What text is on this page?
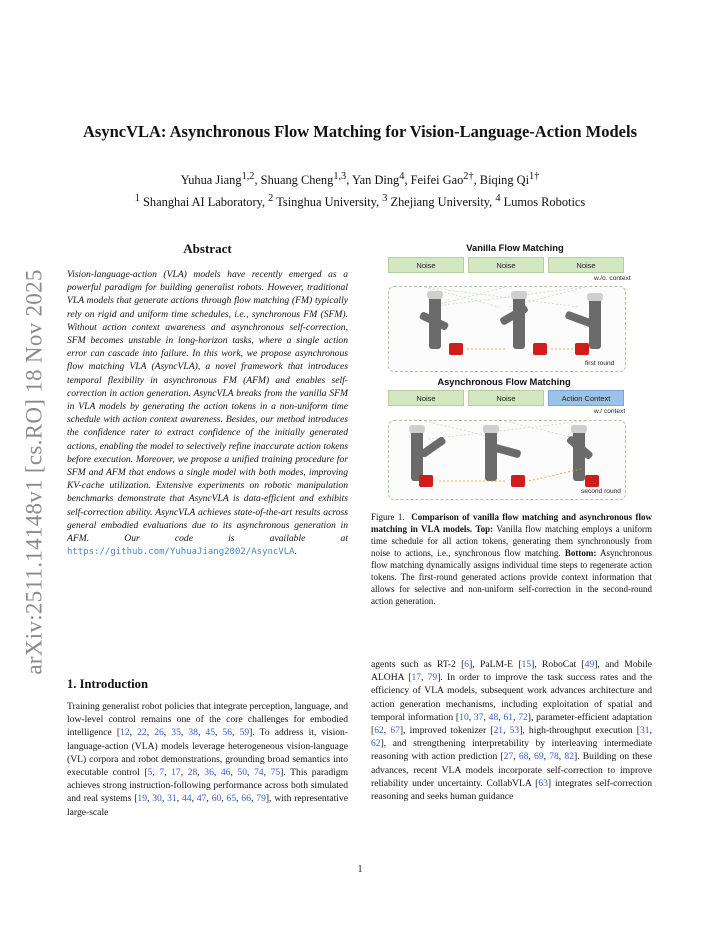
arXiv:2511.14148v1 [cs.RO] 18 Nov 2025
AsyncVLA: Asynchronous Flow Matching for Vision-Language-Action Models
Yuhua Jiang$^{1,2}$, Shuang Cheng$^{1,3}$, Yan Ding$^4$, Feifei Gao$^{2\dagger}$, Biqing $Qi^{1\dagger}$
$^1$ Shanghai AI Laboratory, $^2$ Tsinghua University, $^3$ Zhejiang University, $^4$ Lumos Robotics
Abstract
Vision-language-action (VLA) models have recently emerged as a powerful paradigm for building generalist robots. However, traditional VLA models that generate actions through flow matching (FM) typically rely on rigid and uniform time schedules, i.e., synchronous FM (SFM). Without action context awareness and asynchronous self-correction, SFM becomes unstable in long-horizon tasks, where a single action error can cascade into failure. In this work, we propose asynchronous flow matching VLA (AsyncVLA), a novel framework that introduces temporal flexibility in asynchronous FM (AFM) and enables self-correction in action generation. AsyncVLA breaks from the vanilla SFM in VLA models by generating the action tokens in a non-uniform time schedule with action context awareness. Besides, our method introduces the confidence rater to extract confidence of the initially generated actions, enabling the model to selectively refine inaccurate action tokens before execution. Moreover, we propose a unified training procedure for SFM and AFM that endows a single model with both modes, improving KV-cache utilization. Extensive experiments on robotic manipulation benchmarks demonstrate that AsyncVLA is data-efficient and exhibits self-correction ability. AsyncVLA achieves state-of-the-art results across general embodied evaluations due to its asynchronous generation in AFM. Our code is available at https://github.com/YuhuaJiang2002/AsyncVLA.
1. Introduction
Training generalist robot policies that integrate perception, language, and low-level control remains one of the core challenges for embodied intelligence [12, 22, 26, 35, 38, 45, 56, 59]. To address it, vision-language-action (VLA) models leverage heterogeneous vision-language (VL) corpora and robot demonstrations, grounding broad semantics into executable control [5, 7, 17, 28, 36, 46, 50, 74, 75]. This paradigm achieves strong instruction-following performance across both simulated and real systems [19, 30, 31, 44, 47, 60, 65, 66, 79], with representative large-scale
Vanilla Flow Matching
Noise	Noise	Noise
w./o. context
first round
Asynchronous Flow Matching
Noise	Noise	Action Context
w./ context
second round
Figure 1.  Comparison of vanilla flow matching and asynchronous flow matching in VLA models. Top: Vanilla flow matching employs a uniform time schedule for all action tokens, generating them synchronously from noise to actions, i.e., synchronous flow matching. Bottom: Asynchronous flow matching dynamically assigns individual time steps to regenerate action tokens. The first-round generated actions provide context information that allows for selective and non-uniform self-correction in the second-round action generation.
agents such as RT-2 [6], PaLM-E [15], RoboCat [49], and Mobile ALOHA [17, 79]. In order to improve the task success rates and the efficiency of VLA models, subsequent work advances architecture and action generation mechanisms, including exploitation of spatial and temporal information [10, 37, 48, 61, 72], parameter-efficient adaptation [62, 67], improved tokenizer [21, 53], high-throughput execution [31, 62], and strengthening interpretability by interleaving intermediate reasoning with action prediction [27, 68, 69, 78, 82]. Building on these advances, recent VLA models incorporate self-correction to improve reliability under uncertainty. CollabVLA [63] integrates self-correction reasoning and seeks human guidance
1
